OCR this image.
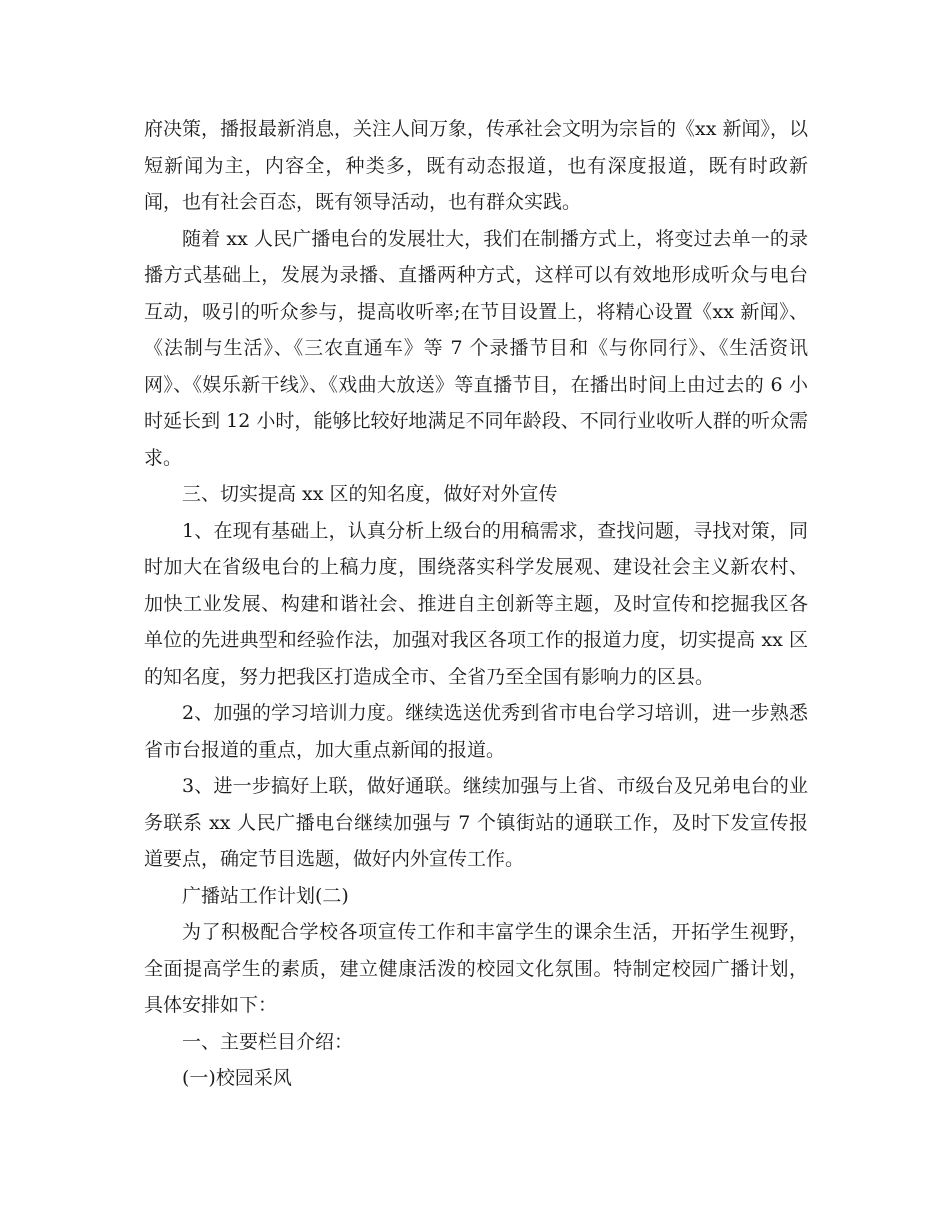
府决策，播报最新消息，关注人间万象，传承社会文明为宗旨的《xx 新闻》，以短新闻为主，内容全，种类多，既有动态报道，也有深度报道，既有时政新闻，也有社会百态，既有领导活动，也有群众实践。

随着 xx 人民广播电台的发展壮大，我们在制播方式上，将变过去单一的录播方式基础上，发展为录播、直播两种方式，这样可以有效地形成听众与电台互动，吸引的听众参与，提高收听率;在节目设置上，将精心设置《xx 新闻》、《法制与生活》、《三农直通车》等 7 个录播节目和《与你同行》、《生活资讯网》、《娱乐新干线》、《戏曲大放送》等直播节目，在播出时间上由过去的 6 小时延长到 12 小时，能够比较好地满足不同年龄段、不同行业收听人群的听众需求。

三、切实提高 xx 区的知名度，做好对外宣传

1、在现有基础上，认真分析上级台的用稿需求，查找问题，寻找对策，同时加大在省级电台的上稿力度，围绕落实科学发展观、建设社会主义新农村、加快工业发展、构建和谐社会、推进自主创新等主题，及时宣传和挖掘我区各单位的先进典型和经验作法，加强对我区各项工作的报道力度，切实提高 xx 区的知名度，努力把我区打造成全市、全省乃至全国有影响力的区县。

2、加强的学习培训力度。继续选送优秀到省市电台学习培训，进一步熟悉省市台报道的重点，加大重点新闻的报道。

3、进一步搞好上联，做好通联。继续加强与上省、市级台及兄弟电台的业务联系 xx 人民广播电台继续加强与 7 个镇街站的通联工作，及时下发宣传报道要点，确定节目选题，做好内外宣传工作。

广播站工作计划(二)

为了积极配合学校各项宣传工作和丰富学生的课余生活，开拓学生视野，全面提高学生的素质，建立健康活泼的校园文化氛围。特制定校园广播计划，具体安排如下：

一、主要栏目介绍：

(一)校园采风
